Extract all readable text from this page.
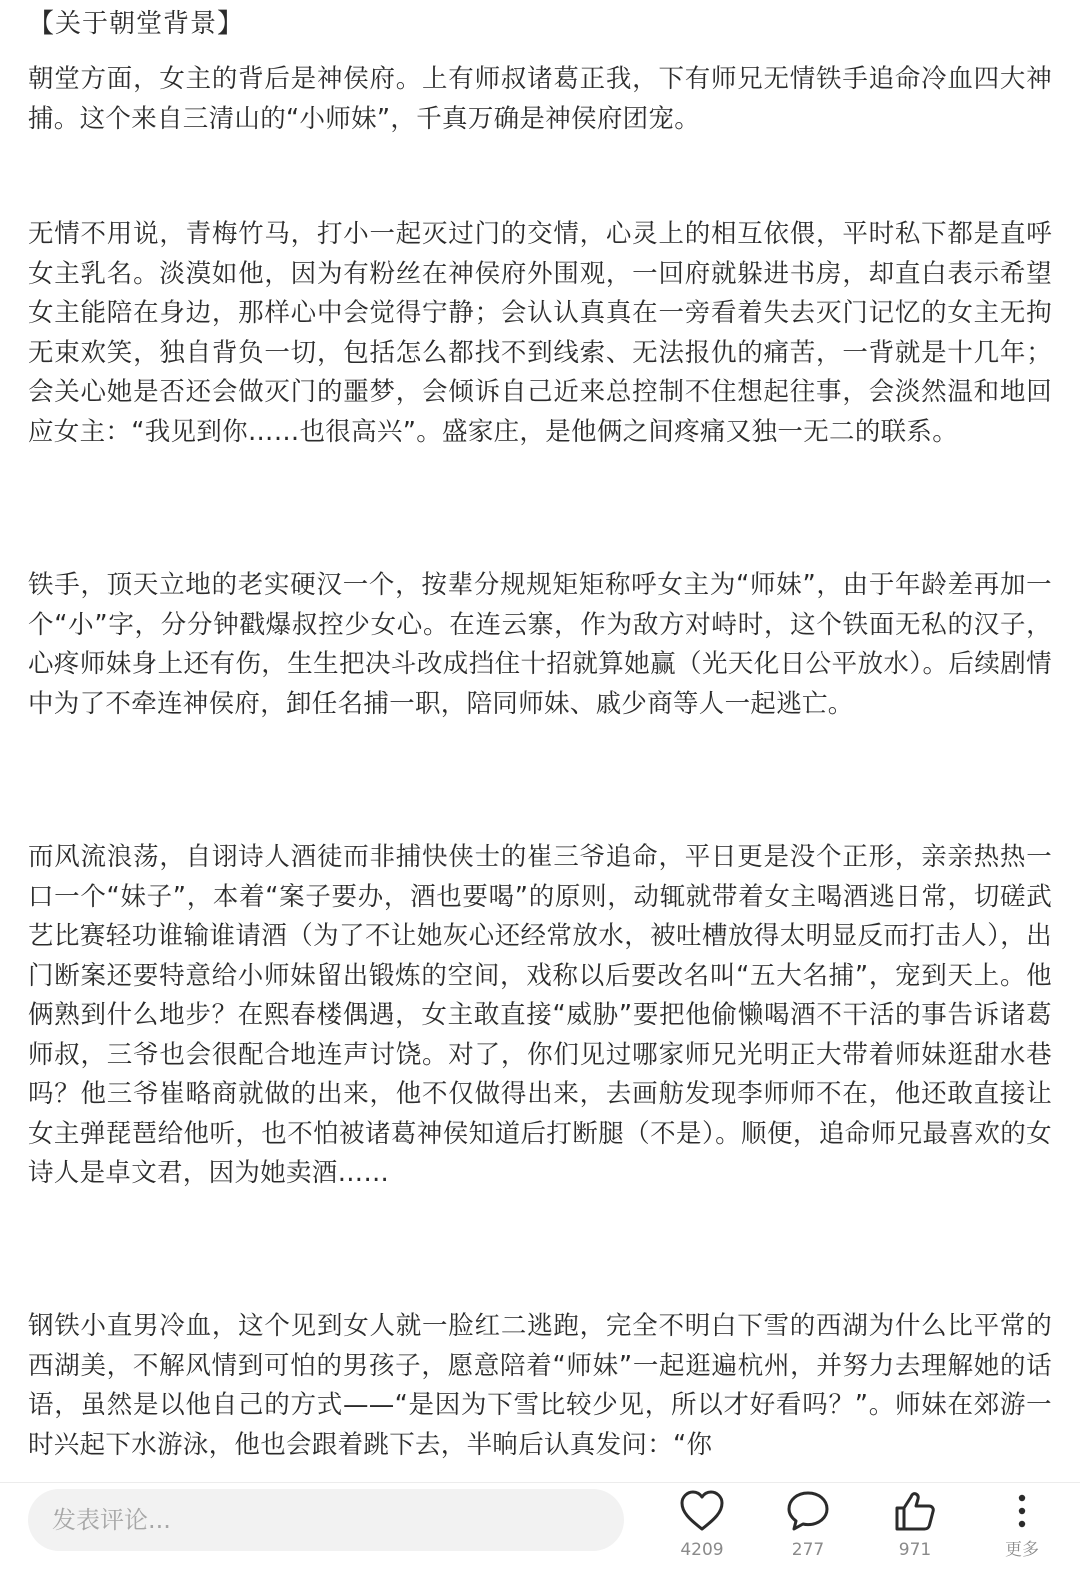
【关于朝堂背景】

朝堂方面，女主的背后是神侯府。上有师叔诸葛正我，下有师兄无情铁手追命冷血四大神捕。这个来自三清山的“小师妹”，千真万确是神侯府团宠。

无情不用说，青梅竹马，打小一起灭过门的交情，心灵上的相互依偎，平时私下都是直呼女主乳名。淡漠如他，因为有粉丝在神侯府外围观，一回府就躲进书房，却直白表示希望女主能陪在身边，那样心中会觉得宁静；会认认真真在一旁看着失去灭门记忆的女主无拘无束欢笑，独自背负一切，包括怎么都找不到线索、无法报仇的痛苦，一背就是十几年；会关心她是否还会做灭门的噩梦，会倾诉自己近来总控制不住想起往事，会淡然温和地回应女主：“我见到你……也很高兴”。盛家庄，是他俩之间疼痛又独一无二的联系。

铁手，顶天立地的老实硬汉一个，按辈分规规矩矩称呼女主为“师妹”，由于年龄差再加一个“小”字，分分钟戳爆叔控少女心。在连云寨，作为敌方对峙时，这个铁面无私的汉子，心疼师妹身上还有伤，生生把决斗改成挡住十招就算她赢（光天化日公平放水）。后续剧情中为了不牵连神侯府，卸任名捕一职，陪同师妹、戚少商等人一起逃亡。

而风流浪荡，自诩诗人酒徒而非捕快侠士的崔三爷追命，平日更是没个正形，亲亲热热一口一个“妹子”，本着“案子要办，酒也要喝”的原则，动辄就带着女主喝酒逃日常，切磋武艺比赛轻功谁输谁请酒（为了不让她灰心还经常放水，被吐槽放得太明显反而打击人），出门断案还要特意给小师妹留出锻炼的空间，戏称以后要改名叫“五大名捕”，宠到天上。他俩熟到什么地步？在熙春楼偶遇，女主敢直接“威胁”要把他偷懒喝酒不干活的事告诉诸葛师叔，三爷也会很配合地连声讨饶。对了，你们见过哪家师兄光明正大带着师妹逛甜水巷吗？他三爷崔略商就做的出来，他不仅做得出来，去画舫发现李师师不在，他还敢直接让女主弹琵琶给他听，也不怕被诸葛神侯知道后打断腿（不是）。顺便，追命师兄最喜欢的女诗人是卓文君，因为她卖酒……

钢铁小直男冷血，这个见到女人就一脸红二逃跑，完全不明白下雪的西湖为什么比平常的西湖美，不解风情到可怕的男孩子，愿意陪着“师妹”一起逛遍杭州，并努力去理解她的话语，虽然是以他自己的方式——“是因为下雪比较少见，所以才好看吗？”。师妹在郊游一时兴起下水游泳，他也会跟着跳下去，半晌后认真发问：“你

发表评论...
4209	277	971	更多
